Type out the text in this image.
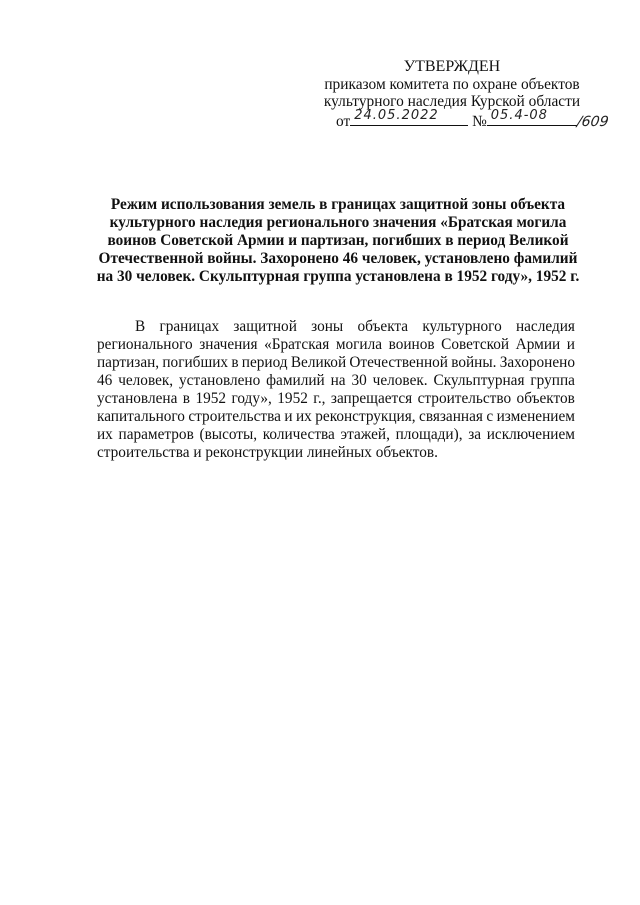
УТВЕРЖДЕН
приказом комитета по охране объектов
культурного наследия Курской области
от 24.05.2022 № 05.4-08 /609
Режим использования земель в границах защитной зоны объекта
культурного наследия регионального значения «Братская могила
воинов Советской Армии и партизан, погибших в период Великой
Отечественной войны. Захоронено 46 человек, установлено фамилий
на 30 человек. Скульптурная группа установлена в 1952 году», 1952 г.
В границах защитной зоны объекта культурного наследия
регионального значения «Братская могила воинов Советской Армии и
партизан, погибших в период Великой Отечественной войны. Захоронено
46 человек, установлено фамилий на 30 человек. Скульптурная группа
установлена в 1952 году», 1952 г., запрещается строительство объектов
капитального строительства и их реконструкция, связанная с изменением
их параметров (высоты, количества этажей, площади), за исключением
строительства и реконструкции линейных объектов.
